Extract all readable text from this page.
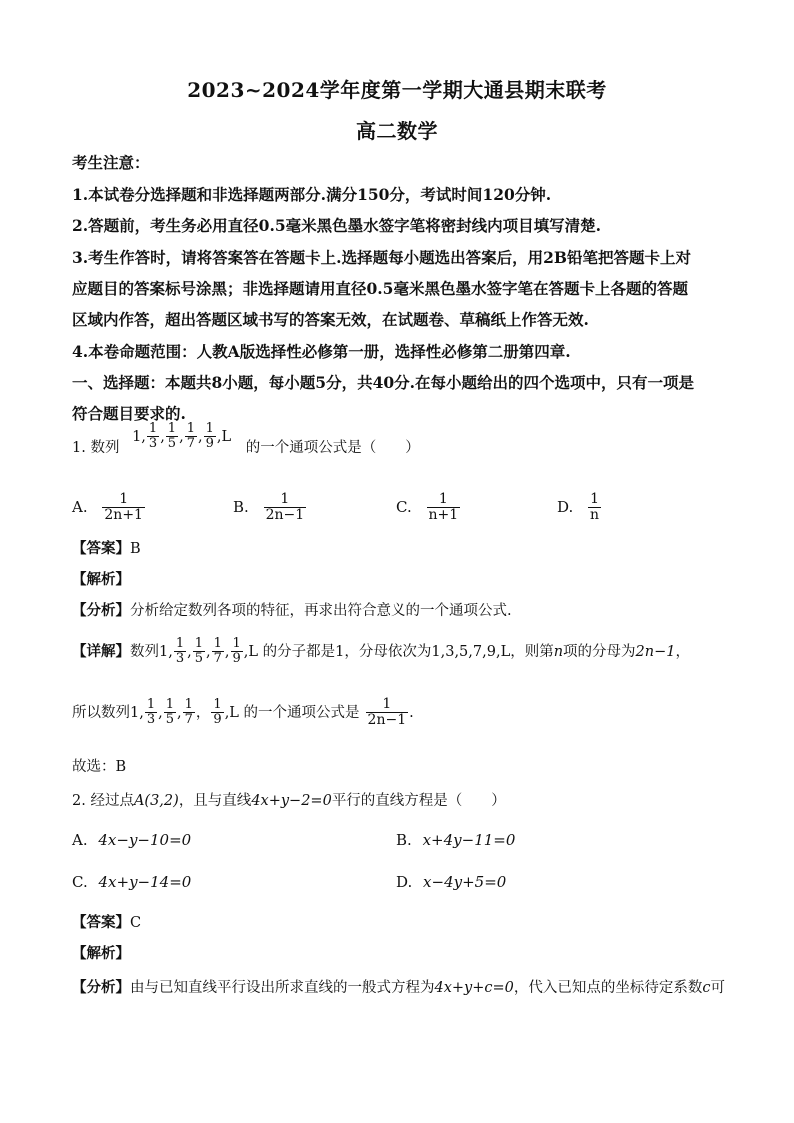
2023~2024学年度第一学期大通县期末联考
高二数学
考生注意：
1.本试卷分选择题和非选择题两部分.满分150分，考试时间120分钟.
2.答题前，考生务必用直径0.5毫米黑色墨水签字笔将密封线内项目填写清楚.
3.考生作答时，请将答案答在答题卡上.选择题每小题选出答案后，用2B铅笔把答题卡上对
应题目的答案标号涂黑；非选择题请用直径0.5毫米黑色墨水签字笔在答题卡上各题的答题
区域内作答，超出答题区域书写的答案无效，在试题卷、草稿纸上作答无效.
4.本卷命题范围：人教A版选择性必修第一册，选择性必修第二册第四章.
一、选择题：本题共8小题，每小题5分，共40分.在每小题给出的四个选项中，只有一项是
符合题目要求的.
1. 数列 1, $\frac{1}{3}$ , $\frac{1}{5}$ , $\frac{1}{7}$ , $\frac{1}{9} ,L$ 的一个通项公式是（　　）
A. $\frac{1}{2n+1}$	B. $\frac{1}{2n-1}$	C. $\frac{1}{n+1}$	D. $\frac{1}{n}$
【答案】B
【解析】
【分析】分析给定数列各项的特征，再求出符合意义的一个通项公式.
【详解】数列1, $\frac{1}{3}$ , $\frac{1}{5}$ , $\frac{1}{7}$ , $\frac{1}{9} ,L$ 的分子都是1，分母依次为1,3,5,7,9,L，则第n项的分母为2n−1，
所以数列1, $\frac{1}{3}$ , $\frac{1}{5}$ , $\frac{1}{7}$ ， $\frac{1}{9} ,L$ 的一个通项公式是 $\frac{1}{2n-1}$ .
故选：B
2. 经过点A(3,2)，且与直线4x+y−2=0平行的直线方程是（　　）
A. 4x−y−10=0	B. x+4y−11=0
C. 4x+y−14=0	D. x−4y+5=0
【答案】C
【解析】
【分析】由与已知直线平行设出所求直线的一般式方程为4x+y+c=0，代入已知点的坐标待定系数c可
